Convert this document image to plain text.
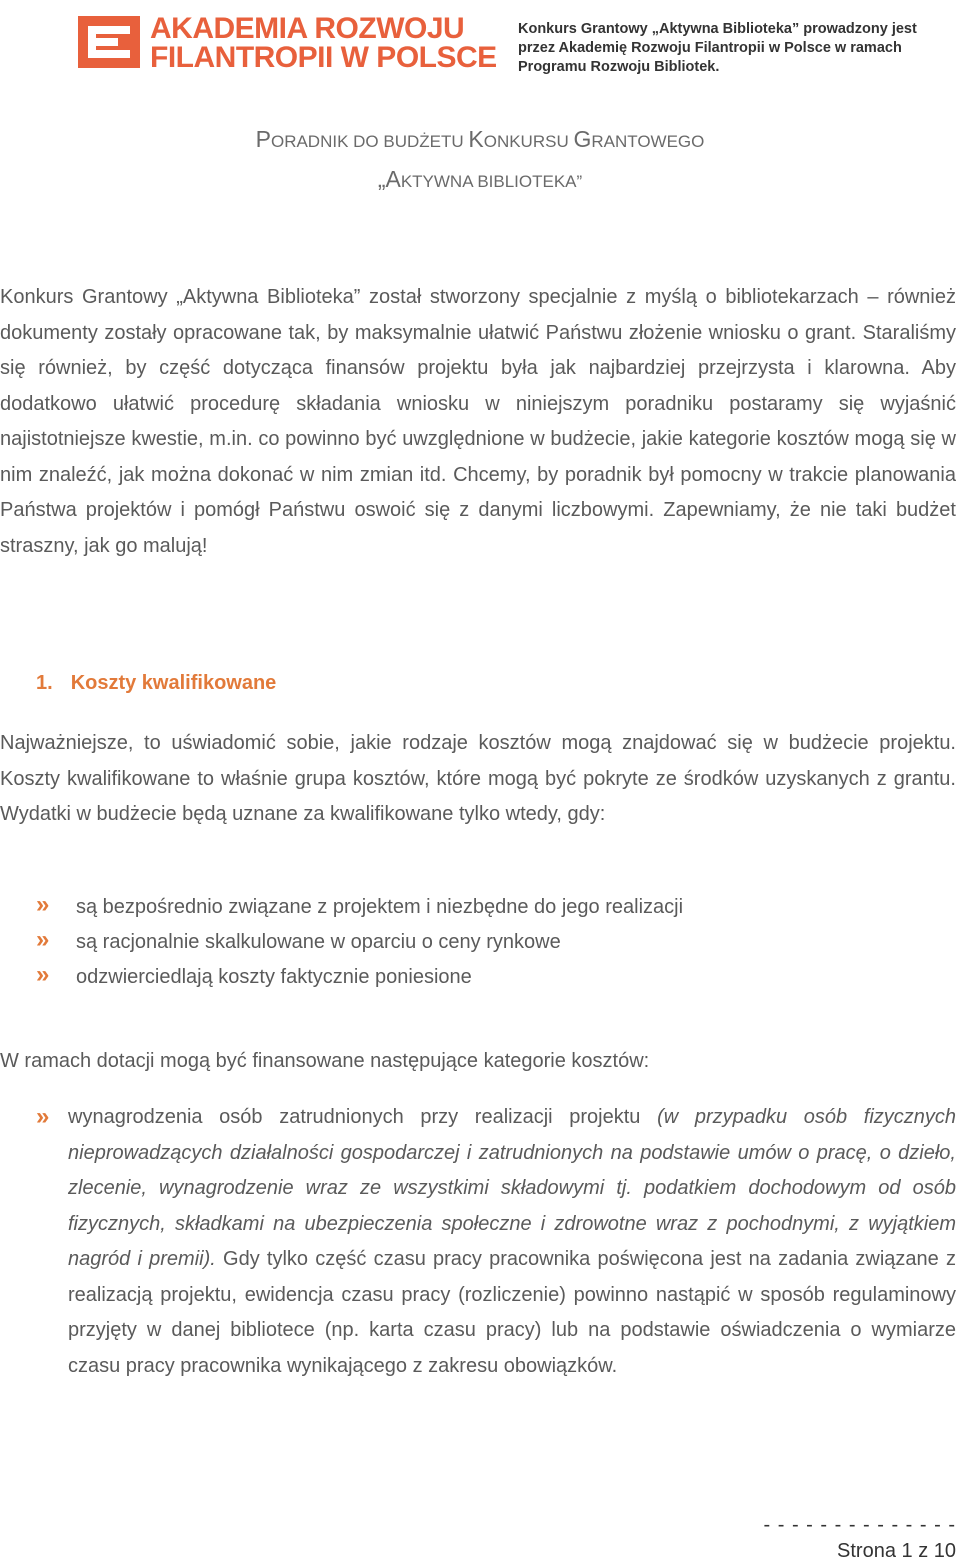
AKADEMIA ROZWOJU
FILANTROPII W POLSCE
Konkurs Grantowy „Aktywna Biblioteka” prowadzony jest
przez Akademię Rozwoju Filantropii w Polsce w ramach
Programu Rozwoju Bibliotek.
PORADNIK DO BUDŻETU KONKURSU GRANTOWEGO
„AKTYWNA BIBLIOTEKA”
Konkurs Grantowy „Aktywna Biblioteka” został stworzony specjalnie z myślą o bibliotekarzach – również dokumenty zostały opracowane tak, by maksymalnie ułatwić Państwu złożenie wniosku o grant. Staraliśmy się również, by część dotycząca finansów projektu była jak najbardziej przejrzysta i klarowna. Aby dodatkowo ułatwić procedurę składania wniosku w niniejszym poradniku postaramy się wyjaśnić najistotniejsze kwestie, m.in. co powinno być uwzględnione w budżecie, jakie kategorie kosztów mogą się w nim znaleźć, jak można dokonać w nim zmian itd. Chcemy, by poradnik był pomocny w trakcie planowania Państwa projektów i pomógł Państwu oswoić się z danymi liczbowymi. Zapewniamy, że nie taki budżet straszny, jak go malują!
1. Koszty kwalifikowane
Najważniejsze, to uświadomić sobie, jakie rodzaje kosztów mogą znajdować się w budżecie projektu. Koszty kwalifikowane to właśnie grupa kosztów, które mogą być pokryte ze środków uzyskanych z grantu. Wydatki w budżecie będą uznane za kwalifikowane tylko wtedy, gdy:
» są bezpośrednio związane z projektem i niezbędne do jego realizacji
» są racjonalnie skalkulowane w oparciu o ceny rynkowe
» odzwierciedlają koszty faktycznie poniesione
W ramach dotacji mogą być finansowane następujące kategorie kosztów:
» wynagrodzenia osób zatrudnionych przy realizacji projektu (w przypadku osób fizycznych nieprowadzących działalności gospodarczej i zatrudnionych na podstawie umów o pracę, o dzieło, zlecenie, wynagrodzenie wraz ze wszystkimi składowymi tj. podatkiem dochodowym od osób fizycznych, składkami na ubezpieczenia społeczne i zdrowotne wraz z pochodnymi, z wyjątkiem nagród i premii). Gdy tylko część czasu pracy pracownika poświęcona jest na zadania związane z realizacją projektu, ewidencja czasu pracy (rozliczenie) powinno nastąpić w sposób regulaminowy przyjęty w danej bibliotece (np. karta czasu pracy) lub na podstawie oświadczenia o wymiarze czasu pracy pracownika wynikającego z zakresu obowiązków.
- - - - - - - - - - - - - -
Strona 1 z 10
